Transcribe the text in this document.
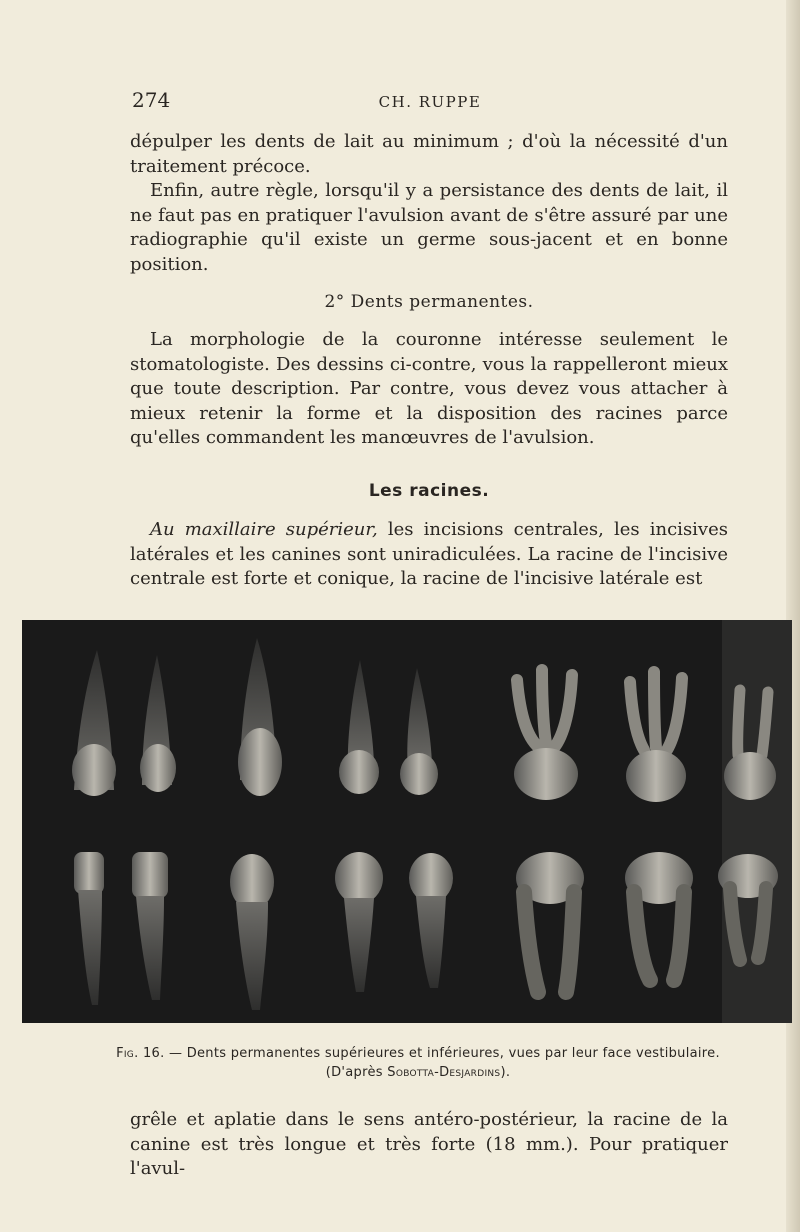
274	CH. RUPPE

dépulper les dents de lait au minimum ; d'où la nécessité d'un traitement précoce.

Enfin, autre règle, lorsqu'il y a persistance des dents de lait, il ne faut pas en pratiquer l'avulsion avant de s'être assuré par une radiographie qu'il existe un germe sous-jacent et en bonne position.

2° Dents permanentes.

La morphologie de la couronne intéresse seulement le stomatologiste. Des dessins ci-contre, vous la rappelleront mieux que toute description. Par contre, vous devez vous attacher à mieux retenir la forme et la disposition des racines parce qu'elles commandent les manœuvres de l'avulsion.

Les racines.

Au maxillaire supérieur, les incisions centrales, les incisives latérales et les canines sont uniradiculées. La racine de l'incisive centrale est forte et conique, la racine de l'incisive latérale est

Fig. 16. — Dents permanentes supérieures et inférieures, vues par leur face vestibulaire.
(D'après Sobotta-Desjardins).

grêle et aplatie dans le sens antéro-postérieur, la racine de la canine est très longue et très forte (18 mm.). Pour pratiquer l'avul-
